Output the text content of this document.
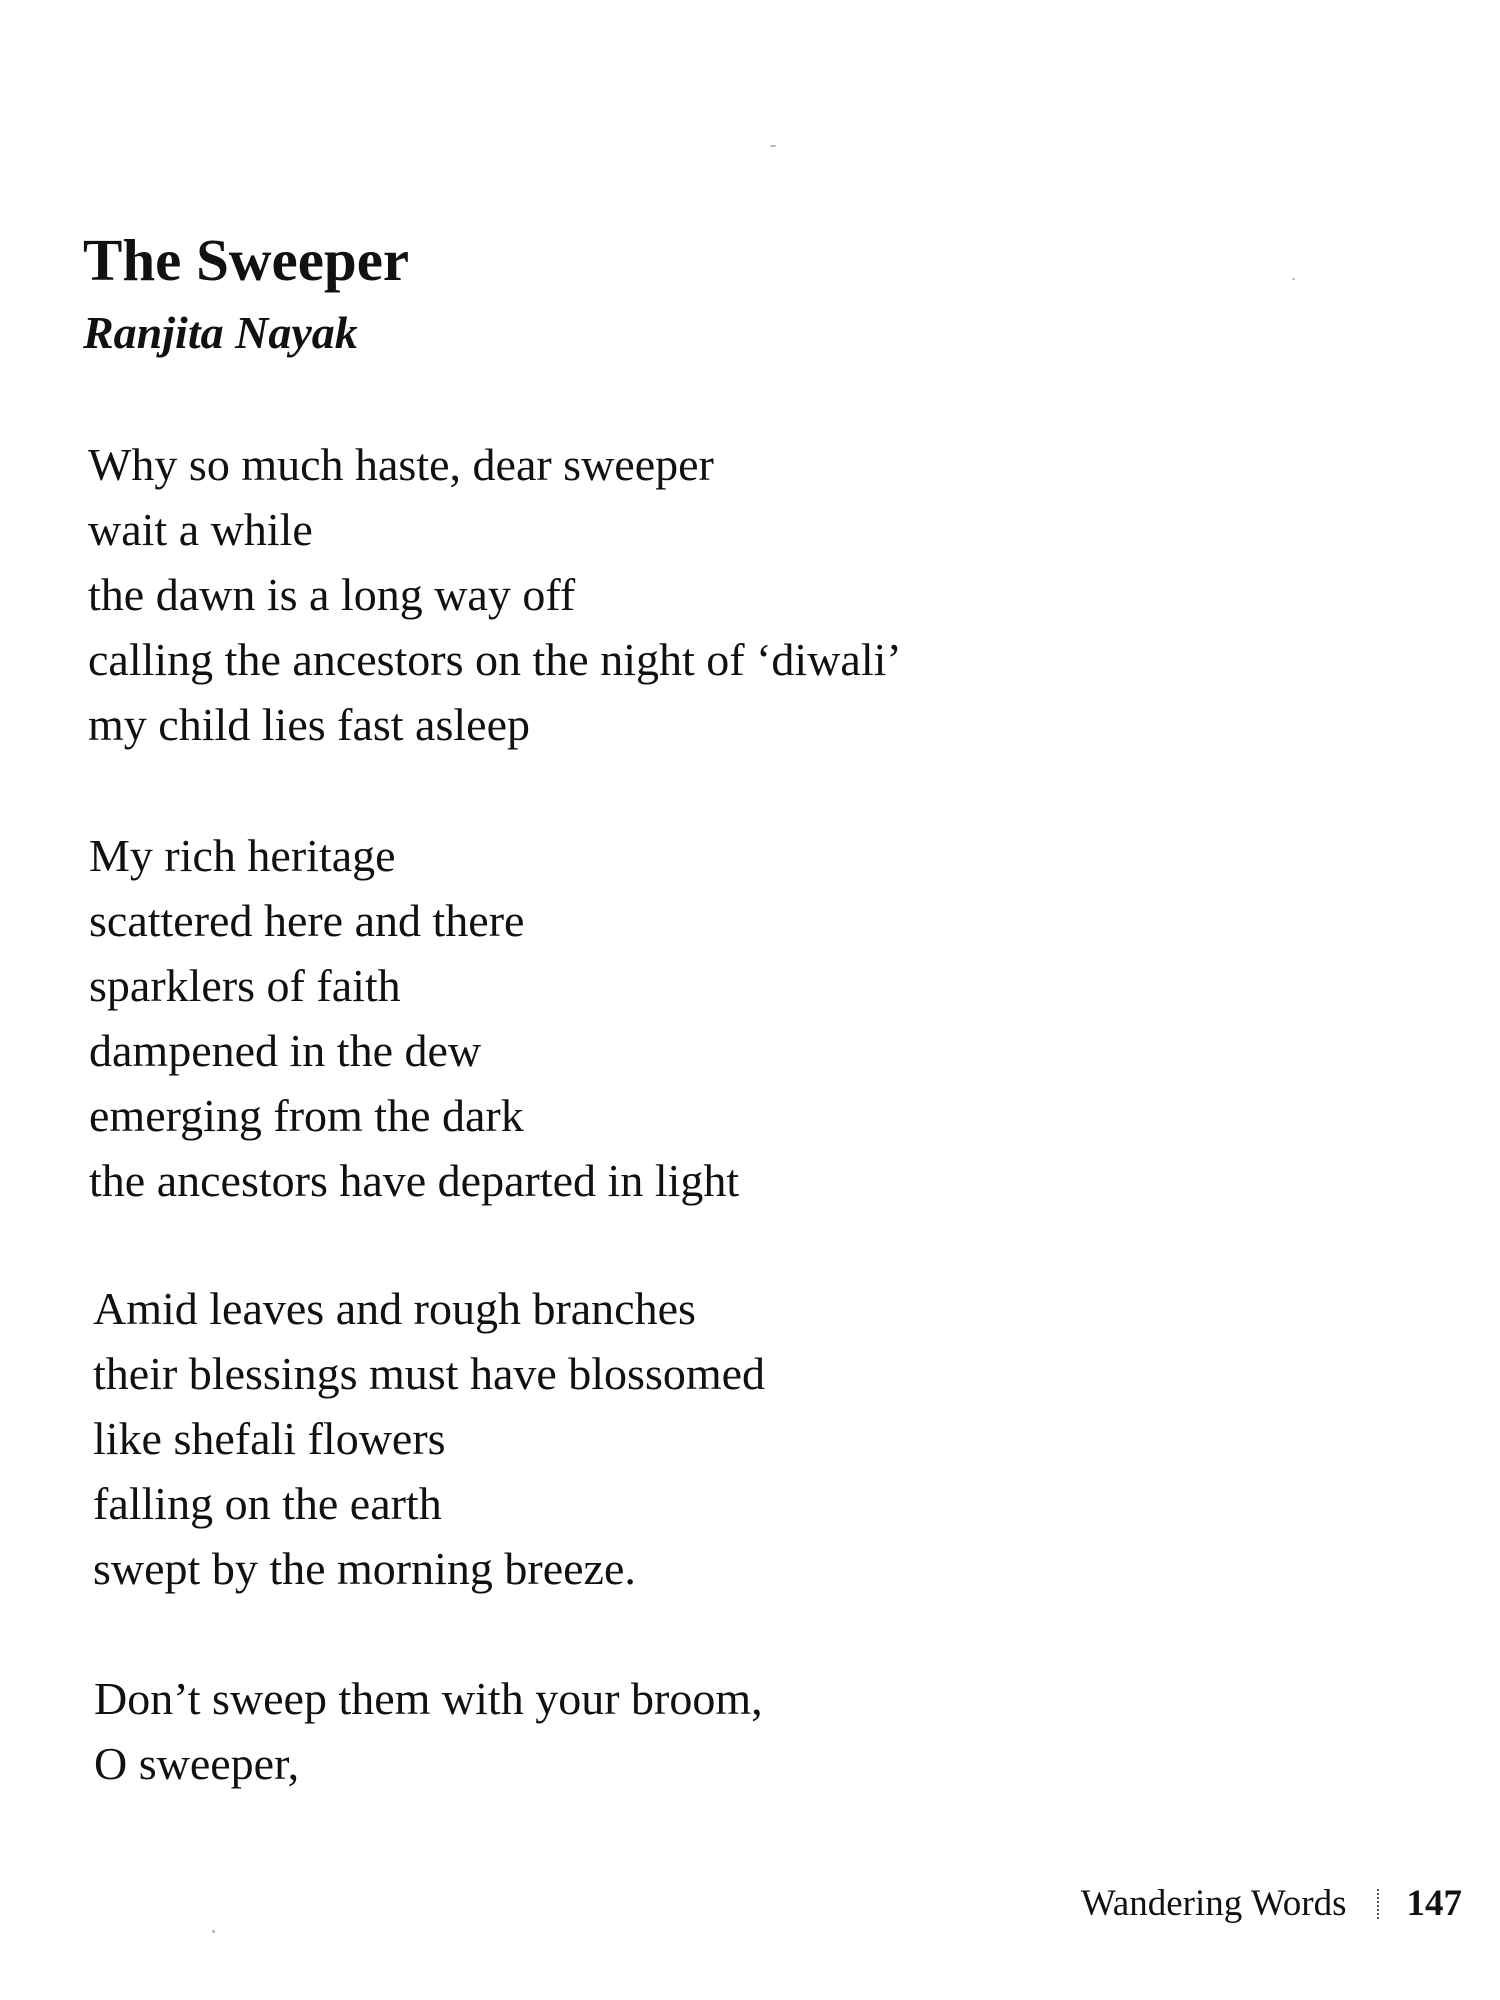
The Sweeper
Ranjita Nayak
Why so much haste, dear sweeper
wait a while
the dawn is a long way off
calling the ancestors on the night of ‘diwali’
my child lies fast asleep
My rich heritage
scattered here and there
sparklers of faith
dampened in the dew
emerging from the dark
the ancestors have departed in light
Amid leaves and rough branches
their blessings must have blossomed
like shefali flowers
falling on the earth
swept by the morning breeze.
Don’t sweep them with your broom,
O sweeper,
Wandering Words 147
